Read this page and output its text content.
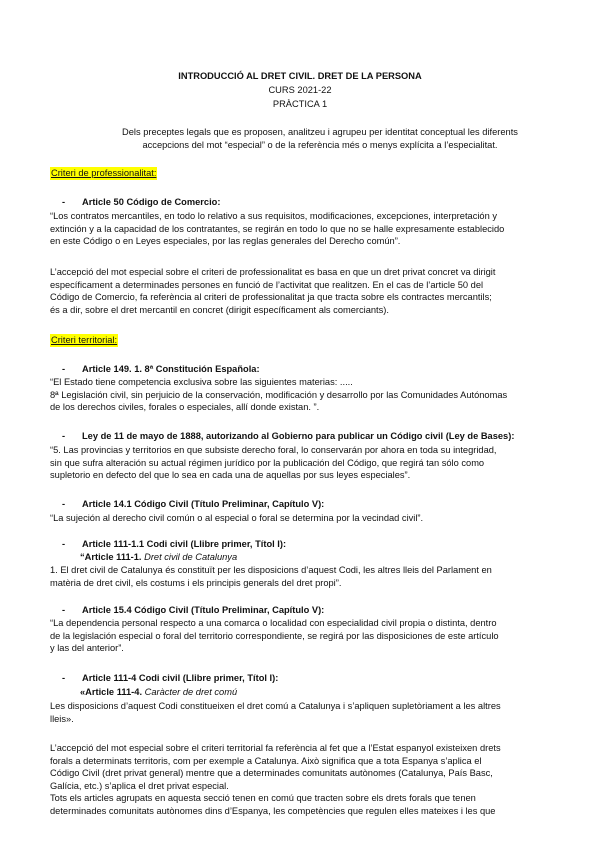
INTRODUCCIÓ AL DRET CIVIL. DRET DE LA PERSONA
CURS 2021-22
PRÀCTICA 1
Dels preceptes legals que es proposen, analitzeu i agrupeu per identitat conceptual les diferents
accepcions del mot “especial” o de la referència més o menys explícita a l’especialitat.
Criteri de professionalitat:
- Article 50 Código de Comercio:
“Los contratos mercantiles, en todo lo relativo a sus requisitos, modificaciones, excepciones, interpretación y
extinción y a la capacidad de los contratantes, se regirán en todo lo que no se halle expresamente establecido
en este Código o en Leyes especiales, por las reglas generales del Derecho común”.
L’accepció del mot especial sobre el criteri de professionalitat es basa en que un dret privat concret va dirigit
específicament a determinades persones en funció de l’activitat que realitzen. En el cas de l’article 50 del
Código de Comercio, fa referència al criteri de professionalitat ja que tracta sobre els contractes mercantils;
és a dir, sobre el dret mercantil en concret (dirigit específicament als comerciants).
Criteri territorial:
- Article 149. 1. 8ª Constitución Española:
“El Estado tiene competencia exclusiva sobre las siguientes materias: .....
8ª Legislación civil, sin perjuicio de la conservación, modificación y desarrollo por las Comunidades Autónomas
de los derechos civiles, forales o especiales, allí donde existan. ”.
- Ley de 11 de mayo de 1888, autorizando al Gobierno para publicar un Código civil (Ley de Bases):
“5. Las provincias y territorios en que subsiste derecho foral, lo conservarán por ahora en toda su integridad,
sin que sufra alteración su actual régimen jurídico por la publicación del Código, que regirá tan sólo como
supletorio en defecto del que lo sea en cada una de aquellas por sus leyes especiales”.
- Article 14.1 Código Civil (Título Preliminar, Capítulo V):
“La sujeción al derecho civil común o al especial o foral se determina por la vecindad civil”.
- Article 111-1.1 Codi civil (Llibre primer, Títol I):
“Article 111-1. Dret civil de Catalunya
1. El dret civil de Catalunya és constituït per les disposicions d’aquest Codi, les altres lleis del Parlament en
matèria de dret civil, els costums i els principis generals del dret propi”.
- Article 15.4 Código Civil (Título Preliminar, Capítulo V):
“La dependencia personal respecto a una comarca o localidad con especialidad civil propia o distinta, dentro
de la legislación especial o foral del territorio correspondiente, se regirá por las disposiciones de este artículo
y las del anterior”.
- Article 111-4 Codi civil (Llibre primer, Títol I):
«Article 111-4. Caràcter de dret comú
Les disposicions d’aquest Codi constitueixen el dret comú a Catalunya i s’apliquen supletòriament a les altres
lleis».
L’accepció del mot especial sobre el criteri territorial fa referència al fet que a l’Estat espanyol existeixen drets
forals a determinats territoris, com per exemple a Catalunya. Això significa que a tota Espanya s’aplica el
Código Civil (dret privat general) mentre que a determinades comunitats autònomes (Catalunya, País Basc,
Galícia, etc.) s’aplica el dret privat especial.
Tots els articles agrupats en aquesta secció tenen en comú que tracten sobre els drets forals que tenen
determinades comunitats autònomes dins d’Espanya, les competències que regulen elles mateixes i les que
